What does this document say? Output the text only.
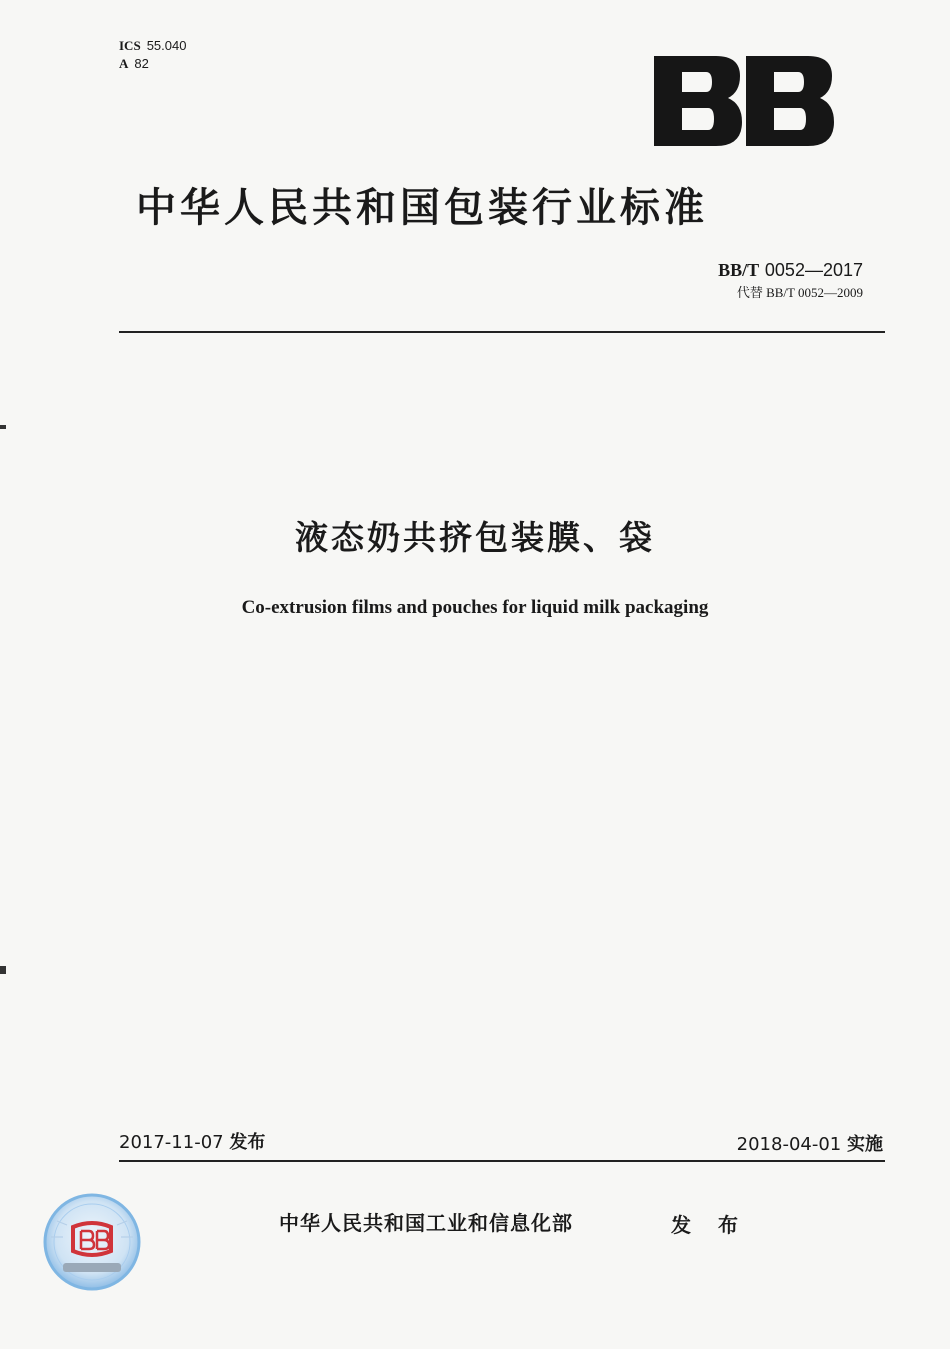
ICS 55.040
A 82
中华人民共和国包装行业标准
BB/T 0052—2017
代替 BB/T 0052—2009
液态奶共挤包装膜、袋
Co-extrusion films and pouches for liquid milk packaging
2017-11-07 发布	2018-04-01 实施
中华人民共和国工业和信息化部	发 布
